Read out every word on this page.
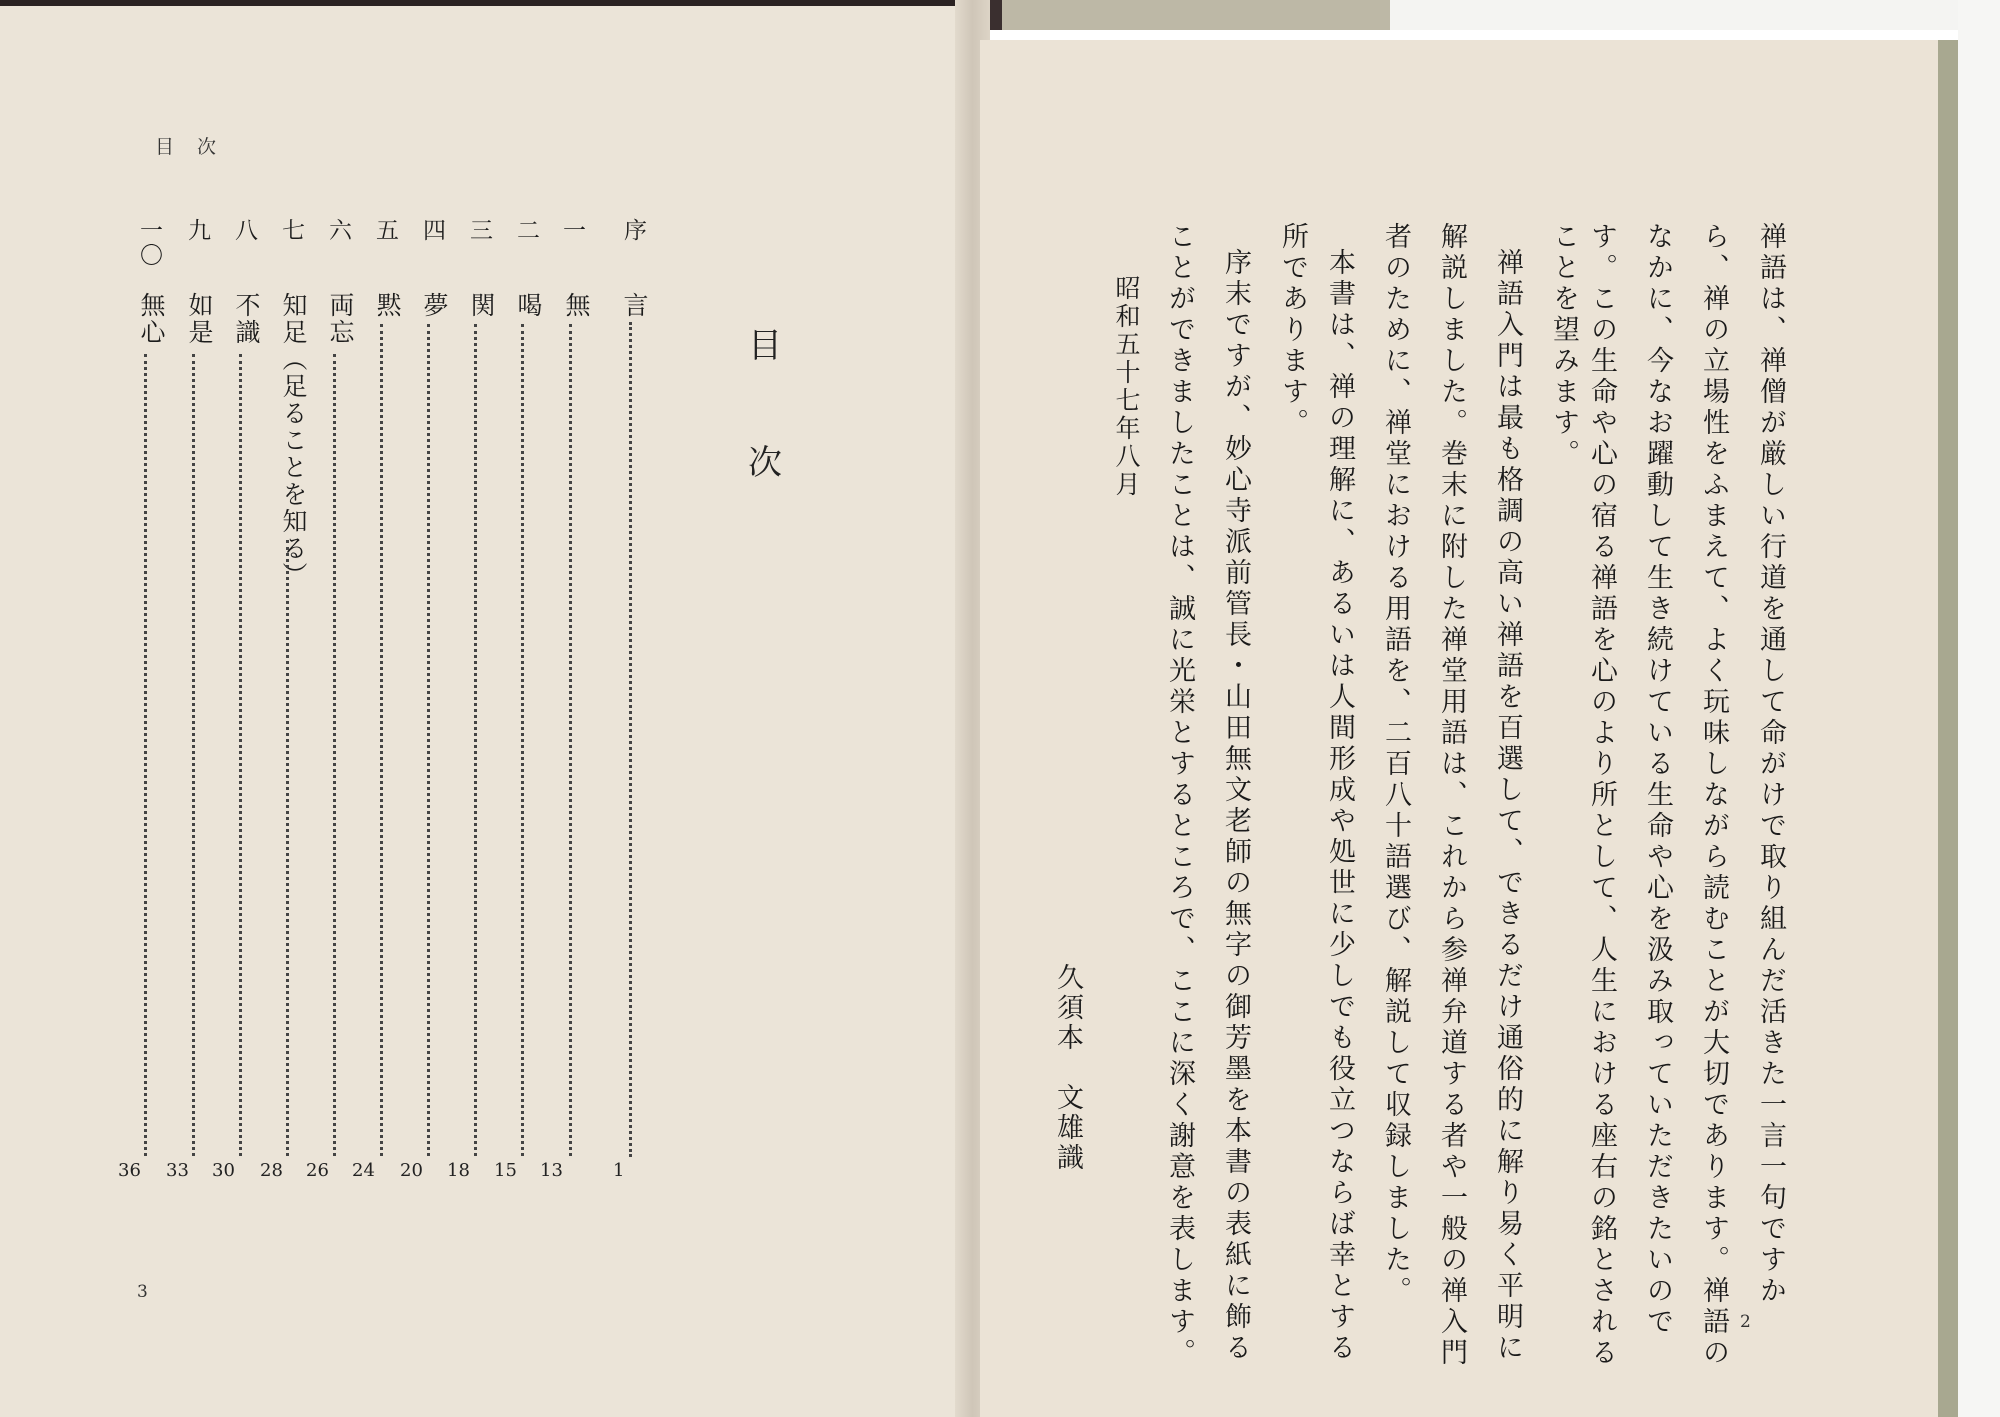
目　次
目
次
序
言
1
一
無
13
二
喝
15
三
関
18
四
夢
20
五
黙
24
六
両忘
26
七
知足（足ることを知る）
28
八
不識
30
九
如是
33
一〇
無心
36
3	禅語は、禅僧が厳しい行道を通して命がけで取り組んだ活きた一言一句ですか
ら、禅の立場性をふまえて、よく玩味しながら読むことが大切であります。禅語の
なかに、今なお躍動して生き続けている生命や心を汲み取っていただきたいので
す。この生命や心の宿る禅語を心のより所として、人生における座右の銘とされる
ことを望みます。
禅語入門は最も格調の高い禅語を百選して、できるだけ通俗的に解り易く平明に
解説しました。巻末に附した禅堂用語は、これから参禅弁道する者や一般の禅入門
者のために、禅堂における用語を、二百八十語選び、解説して収録しました。
本書は、禅の理解に、あるいは人間形成や処世に少しでも役立つならば幸とする
所であります。
序末ですが、妙心寺派前管長・山田無文老師の無字の御芳墨を本書の表紙に飾る
ことができましたことは、誠に光栄とするところで、ここに深く謝意を表します。
昭和五十七年八月
久須本　文雄識
2
